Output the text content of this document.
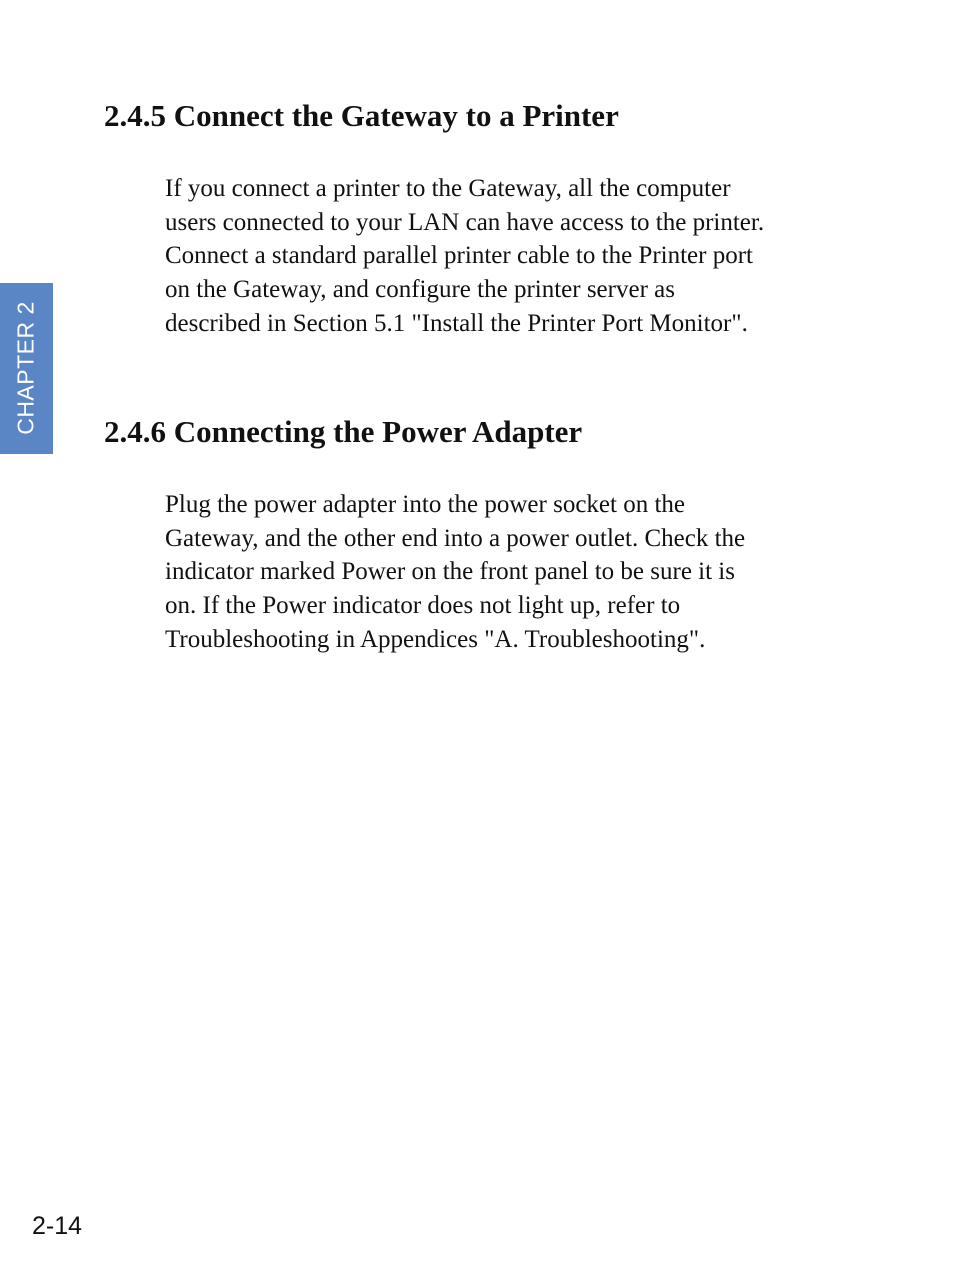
CHAPTER 2
2.4.5 Connect the Gateway to a Printer

If you connect a printer to the Gateway, all the computer
users connected to your LAN can have access to the printer.
Connect a standard parallel printer cable to the Printer port
on the Gateway, and configure the printer server as
described in Section 5.1 "Install the Printer Port Monitor".

2.4.6 Connecting the Power Adapter

Plug the power adapter into the power socket on the
Gateway, and the other end into a power outlet. Check the
indicator marked Power on the front panel to be sure it is
on. If the Power indicator does not light up, refer to
Troubleshooting in Appendices "A. Troubleshooting".

2-14
